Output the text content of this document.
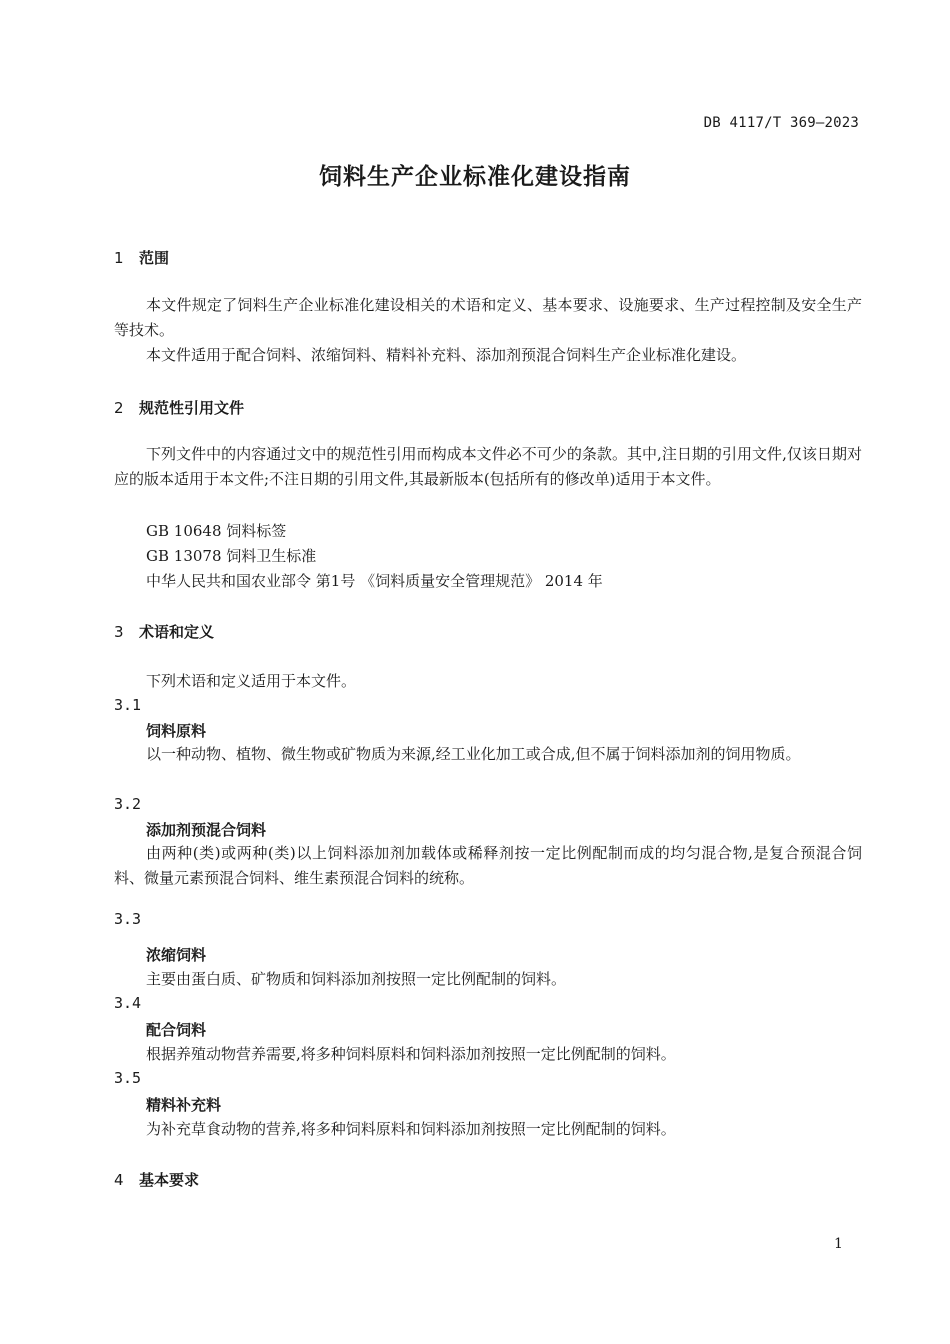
DB 4117/T 369—2023
饲料生产企业标准化建设指南
1 范围
本文件规定了饲料生产企业标准化建设相关的术语和定义、基本要求、设施要求、生产过程控制及安全生产等技术。
本文件适用于配合饲料、浓缩饲料、精料补充料、添加剂预混合饲料生产企业标准化建设。
2 规范性引用文件
下列文件中的内容通过文中的规范性引用而构成本文件必不可少的条款。其中,注日期的引用文件,仅该日期对应的版本适用于本文件;不注日期的引用文件,其最新版本(包括所有的修改单)适用于本文件。
GB 10648 饲料标签
GB 13078 饲料卫生标准
中华人民共和国农业部令 第1号 《饲料质量安全管理规范》 2014 年
3 术语和定义
下列术语和定义适用于本文件。
3.1
饲料原料
以一种动物、植物、微生物或矿物质为来源,经工业化加工或合成,但不属于饲料添加剂的饲用物质。
3.2
添加剂预混合饲料
由两种(类)或两种(类)以上饲料添加剂加载体或稀释剂按一定比例配制而成的均匀混合物,是复合预混合饲料、微量元素预混合饲料、维生素预混合饲料的统称。
3.3
浓缩饲料
主要由蛋白质、矿物质和饲料添加剂按照一定比例配制的饲料。
3.4
配合饲料
根据养殖动物营养需要,将多种饲料原料和饲料添加剂按照一定比例配制的饲料。
3.5
精料补充料
为补充草食动物的营养,将多种饲料原料和饲料添加剂按照一定比例配制的饲料。
4 基本要求
1
